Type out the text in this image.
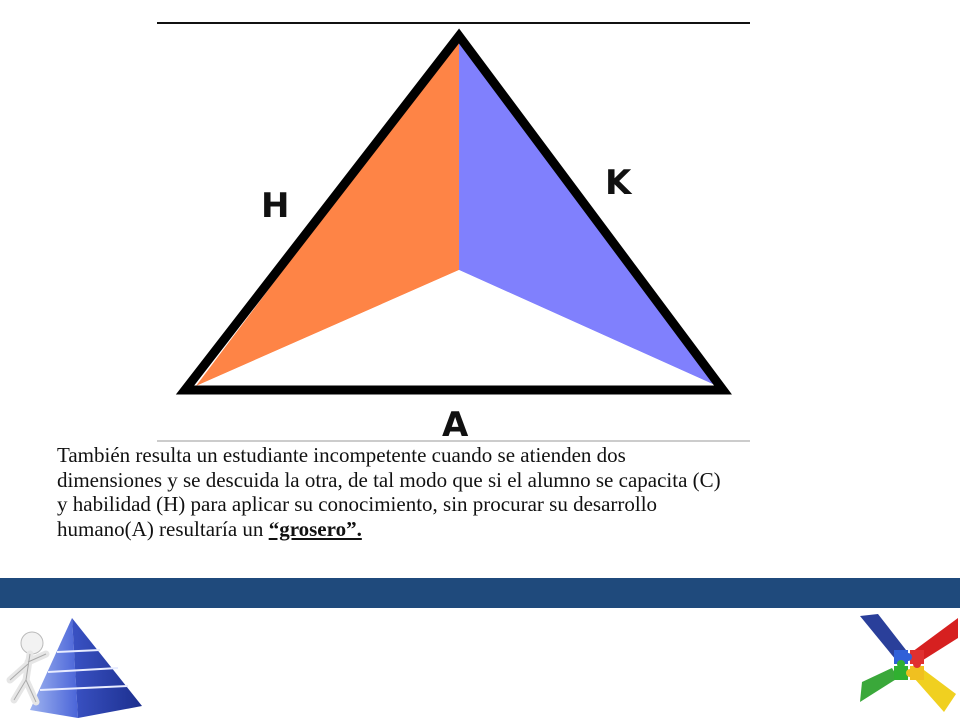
H
K
A
También resulta un estudiante incompetente cuando se atienden dos
dimensiones y se descuida la otra, de tal modo que si el alumno se capacita (C)
y habilidad (H) para aplicar su conocimiento, sin procurar su desarrollo
humano(A) resultaría un “grosero”.
